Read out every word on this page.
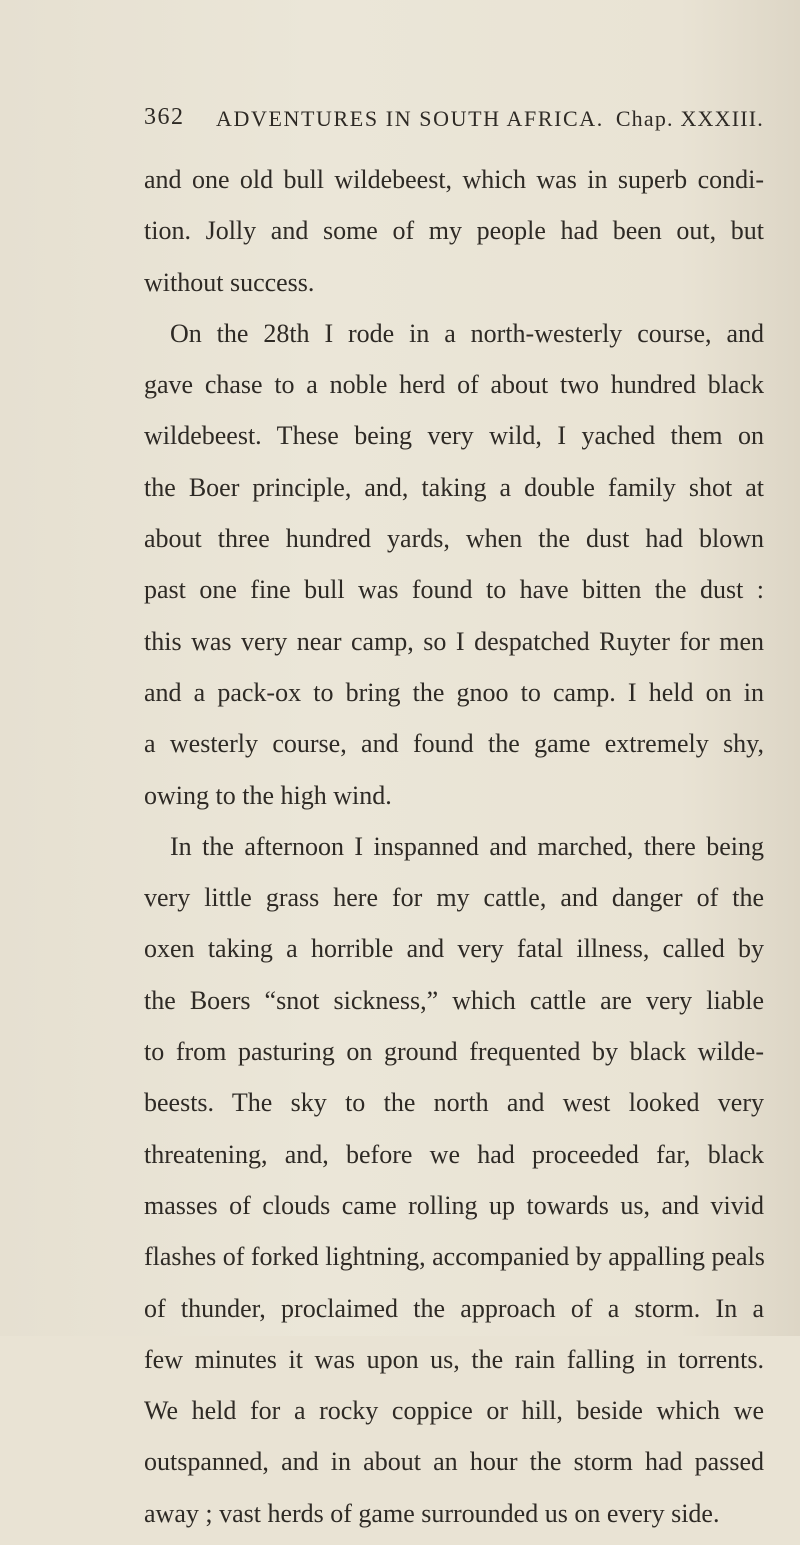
362 ADVENTURES IN SOUTH AFRICA. Chap. XXXIII.
and one old bull wildebeest, which was in superb condi-
tion. Jolly and some of my people had been out, but
without success.
On the 28th I rode in a north-westerly course, and
gave chase to a noble herd of about two hundred black
wildebeest. These being very wild, I yached them on
the Boer principle, and, taking a double family shot at
about three hundred yards, when the dust had blown
past one fine bull was found to have bitten the dust :
this was very near camp, so I despatched Ruyter for men
and a pack-ox to bring the gnoo to camp. I held on in
a westerly course, and found the game extremely shy,
owing to the high wind.
In the afternoon I inspanned and marched, there being
very little grass here for my cattle, and danger of the
oxen taking a horrible and very fatal illness, called by
the Boers “snot sickness,” which cattle are very liable
to from pasturing on ground frequented by black wilde-
beests. The sky to the north and west looked very
threatening, and, before we had proceeded far, black
masses of clouds came rolling up towards us, and vivid
flashes of forked lightning, accompanied by appalling peals
of thunder, proclaimed the approach of a storm. In a
few minutes it was upon us, the rain falling in torrents.
We held for a rocky coppice or hill, beside which we
outspanned, and in about an hour the storm had passed
away ; vast herds of game surrounded us on every side.
